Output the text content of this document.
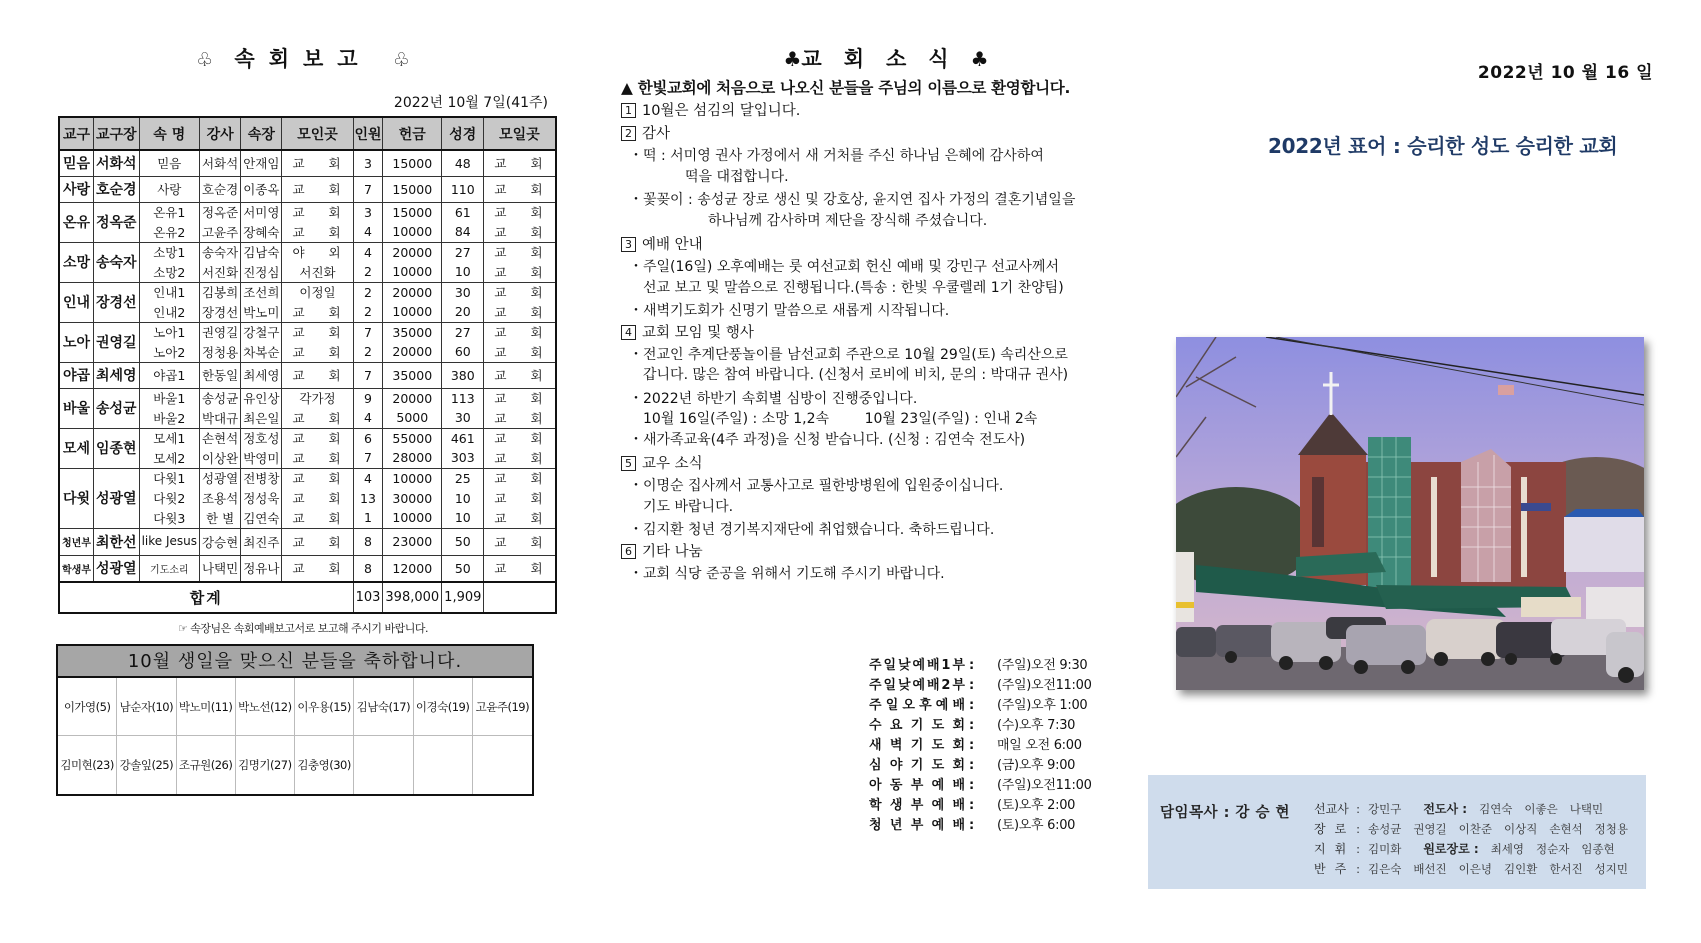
♧ 속회보고 ♧
2022년 10월 7일(41주)
교구	교구장	속 명	강사	속장	모인곳	인원	헌금	성경	모일곳
믿음	서화석	믿음	서화석	안재임	교 회	3	15000	48	교 회
사랑	호순경	사랑	호순경	이종옥	교 회	7	15000	110	교 회
온유	정옥준	온유1	정옥준	서미영	교 회	3	15000	61	교 회
		온유2	고윤주	장혜숙	교 회	4	10000	84	교 회
소망	송숙자	소망1	송숙자	김남숙	야 외	4	20000	27	교 회
		소망2	서진화	진정심	서진화	2	10000	10	교 회
인내	장경선	인내1	김봉희	조선희	이정일	2	20000	30	교 회
		인내2	장경선	박노미	교 회	2	10000	20	교 회
노아	권영길	노아1	권영길	강철구	교 회	7	35000	27	교 회
		노아2	정청용	차복순	교 회	2	20000	60	교 회
야곱	최세영	야곱1	한동일	최세영	교 회	7	35000	380	교 회
바울	송성균	바울1	송성균	유인상	각가정	9	20000	113	교 회
		바울2	박대규	최은일	교 회	4	5000	30	교 회
모세	임종현	모세1	손현석	정호성	교 회	6	55000	461	교 회
		모세2	이상완	박영미	교 회	7	28000	303	교 회
다윗	성광열	다윗1	성광열	전병창	교 회	4	10000	25	교 회
		다윗2	조용석	정성욱	교 회	13	30000	10	교 회
		다윗3	한 별	김연숙	교 회	1	10000	10	교 회
청년부	최한선	like Jesus	강승현	최진주	교 회	8	23000	50	교 회
학생부	성광열	기도소리	나택민	정유나	교 회	8	12000	50	교 회
합계						103	398,000	1,909	
☞ 속장님은 속회예배보고서로 보고해 주시기 바랍니다.
10월 생일을 맞으신 분들을 축하합니다.
이가영(5) 남순자(10) 박노미(11) 박노선(12) 이우용(15) 김남숙(17) 이경숙(19) 고윤주(19)
김미현(23) 강솔잎(25) 조규원(26) 김명기(27) 김충영(30)
♣교회소식♣
▲ 한빛교회에 처음으로 나오신 분들을 주님의 이름으로 환영합니다.
1 10월은 섬김의 달입니다.
2 감사
・떡 : 서미영 권사 가정에서 새 거처를 주신 하나님 은혜에 감사하여
떡을 대접합니다.
・꽃꽂이 : 송성균 장로 생신 및 강호상, 윤지연 집사 가정의 결혼기념일을
하나님께 감사하며 제단을 장식해 주셨습니다.
3 예배 안내
・주일(16일) 오후예배는 룻 여선교회 헌신 예배 및 강민구 선교사께서
선교 보고 및 말씀으로 진행됩니다.(특송 : 한빛 우쿨렐레 1기 찬양팀)
・새벽기도회가 신명기 말씀으로 새롭게 시작됩니다.
4 교회 모임 및 행사
・전교인 추계단풍놀이를 남선교회 주관으로 10월 29일(토) 속리산으로
갑니다. 많은 참여 바랍니다. (신청서 로비에 비치, 문의 : 박대규 권사)
・2022년 하반기 속회별 심방이 진행중입니다.
10월 16일(주일) : 소망 1,2속        10월 23일(주일) : 인내 2속
・새가족교육(4주 과정)을 신청 받습니다. (신청 : 김연숙 전도사)
5 교우 소식
・이명순 집사께서 교통사고로 필한방병원에 입원중이십니다.
기도 바랍니다.
・김지환 청년 경기복지재단에 취업했습니다. 축하드립니다.
6 기타 나눔
・교회 식당 준공을 위해서 기도해 주시기 바랍니다.
주 일 낮 예 배 1 부 :	(주일)오전 9:30
주 일 낮 예 배 2 부 :	(주일)오전11:00
주 일 오 후 예 배 :	(주일)오후 1:00
수 요 기 도 회 :	(수)오후 7:30
새 벽 기 도 회 :	매일 오전 6:00
심 야 기 도 회 :	(금)오후 9:00
아 동 부 예 배 :	(주일)오전11:00
학 생 부 예 배 :	(토)오후 2:00
청 년 부 예 배 :	(토)오후 6:00
2022년 10 월 16 일
2022년 표어 : 승리한 성도 승리한 교회
담임목사 : 강 승 현 선교사 : 강민구	전도사 : 김연숙 이좋은 나택민
장로 : 송성균 권영길 이찬준 이상직 손현석 정청용
지휘 : 김미화	원로장로 : 최세영 정순자 임종현
반주 : 김은숙 배선진 이은녕 김인환 한서진 성지민
